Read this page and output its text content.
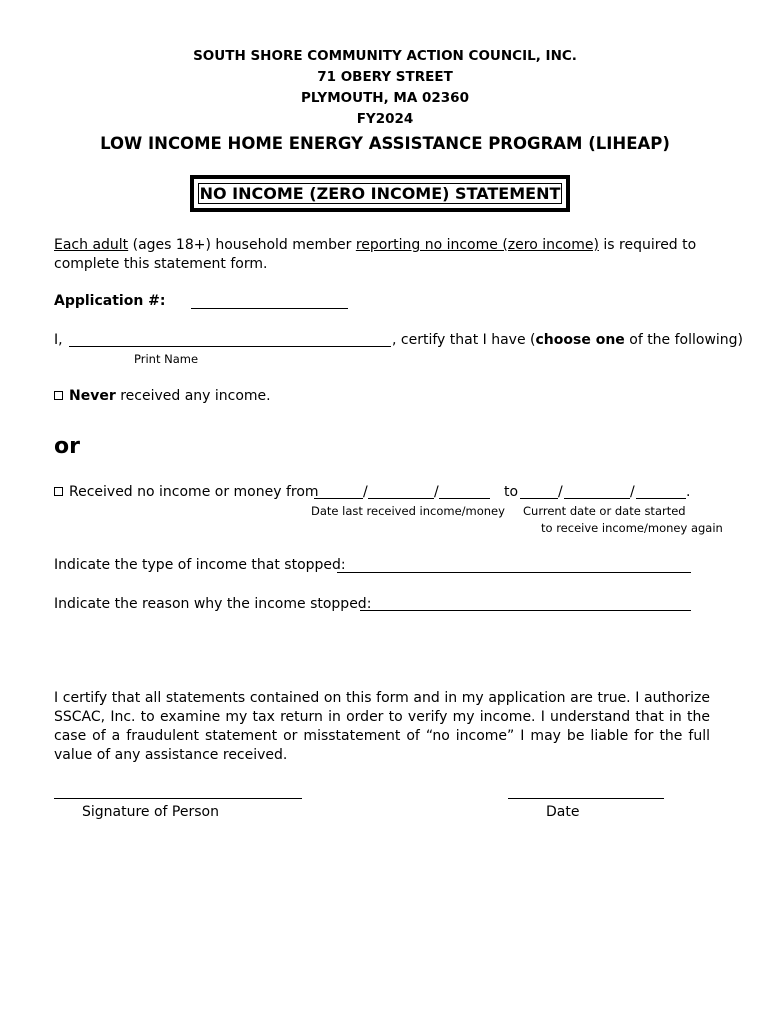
SOUTH SHORE COMMUNITY ACTION COUNCIL, INC.
71 OBERY STREET
PLYMOUTH, MA 02360
FY2024
LOW INCOME HOME ENERGY ASSISTANCE PROGRAM (LIHEAP)
NO INCOME (ZERO INCOME) STATEMENT
Each adult (ages 18+) household member reporting no income (zero income) is required to
complete this statement form.
Application #:
I,	, certify that I have (choose one of the following)
Print Name
Never received any income.
or
Received no income or money from	/	/	to	/	/	.
Date last received income/money Current date or date started
to receive income/money again
Indicate the type of income that stopped:
Indicate the reason why the income stopped:
I certify that all statements contained on this form and in my application are true. I authorize SSCAC, Inc. to examine my tax return in order to verify my income. I understand that in the case of a fraudulent statement or misstatement of “no income” I may be liable for the full value of any assistance received.
Signature of Person	Date
